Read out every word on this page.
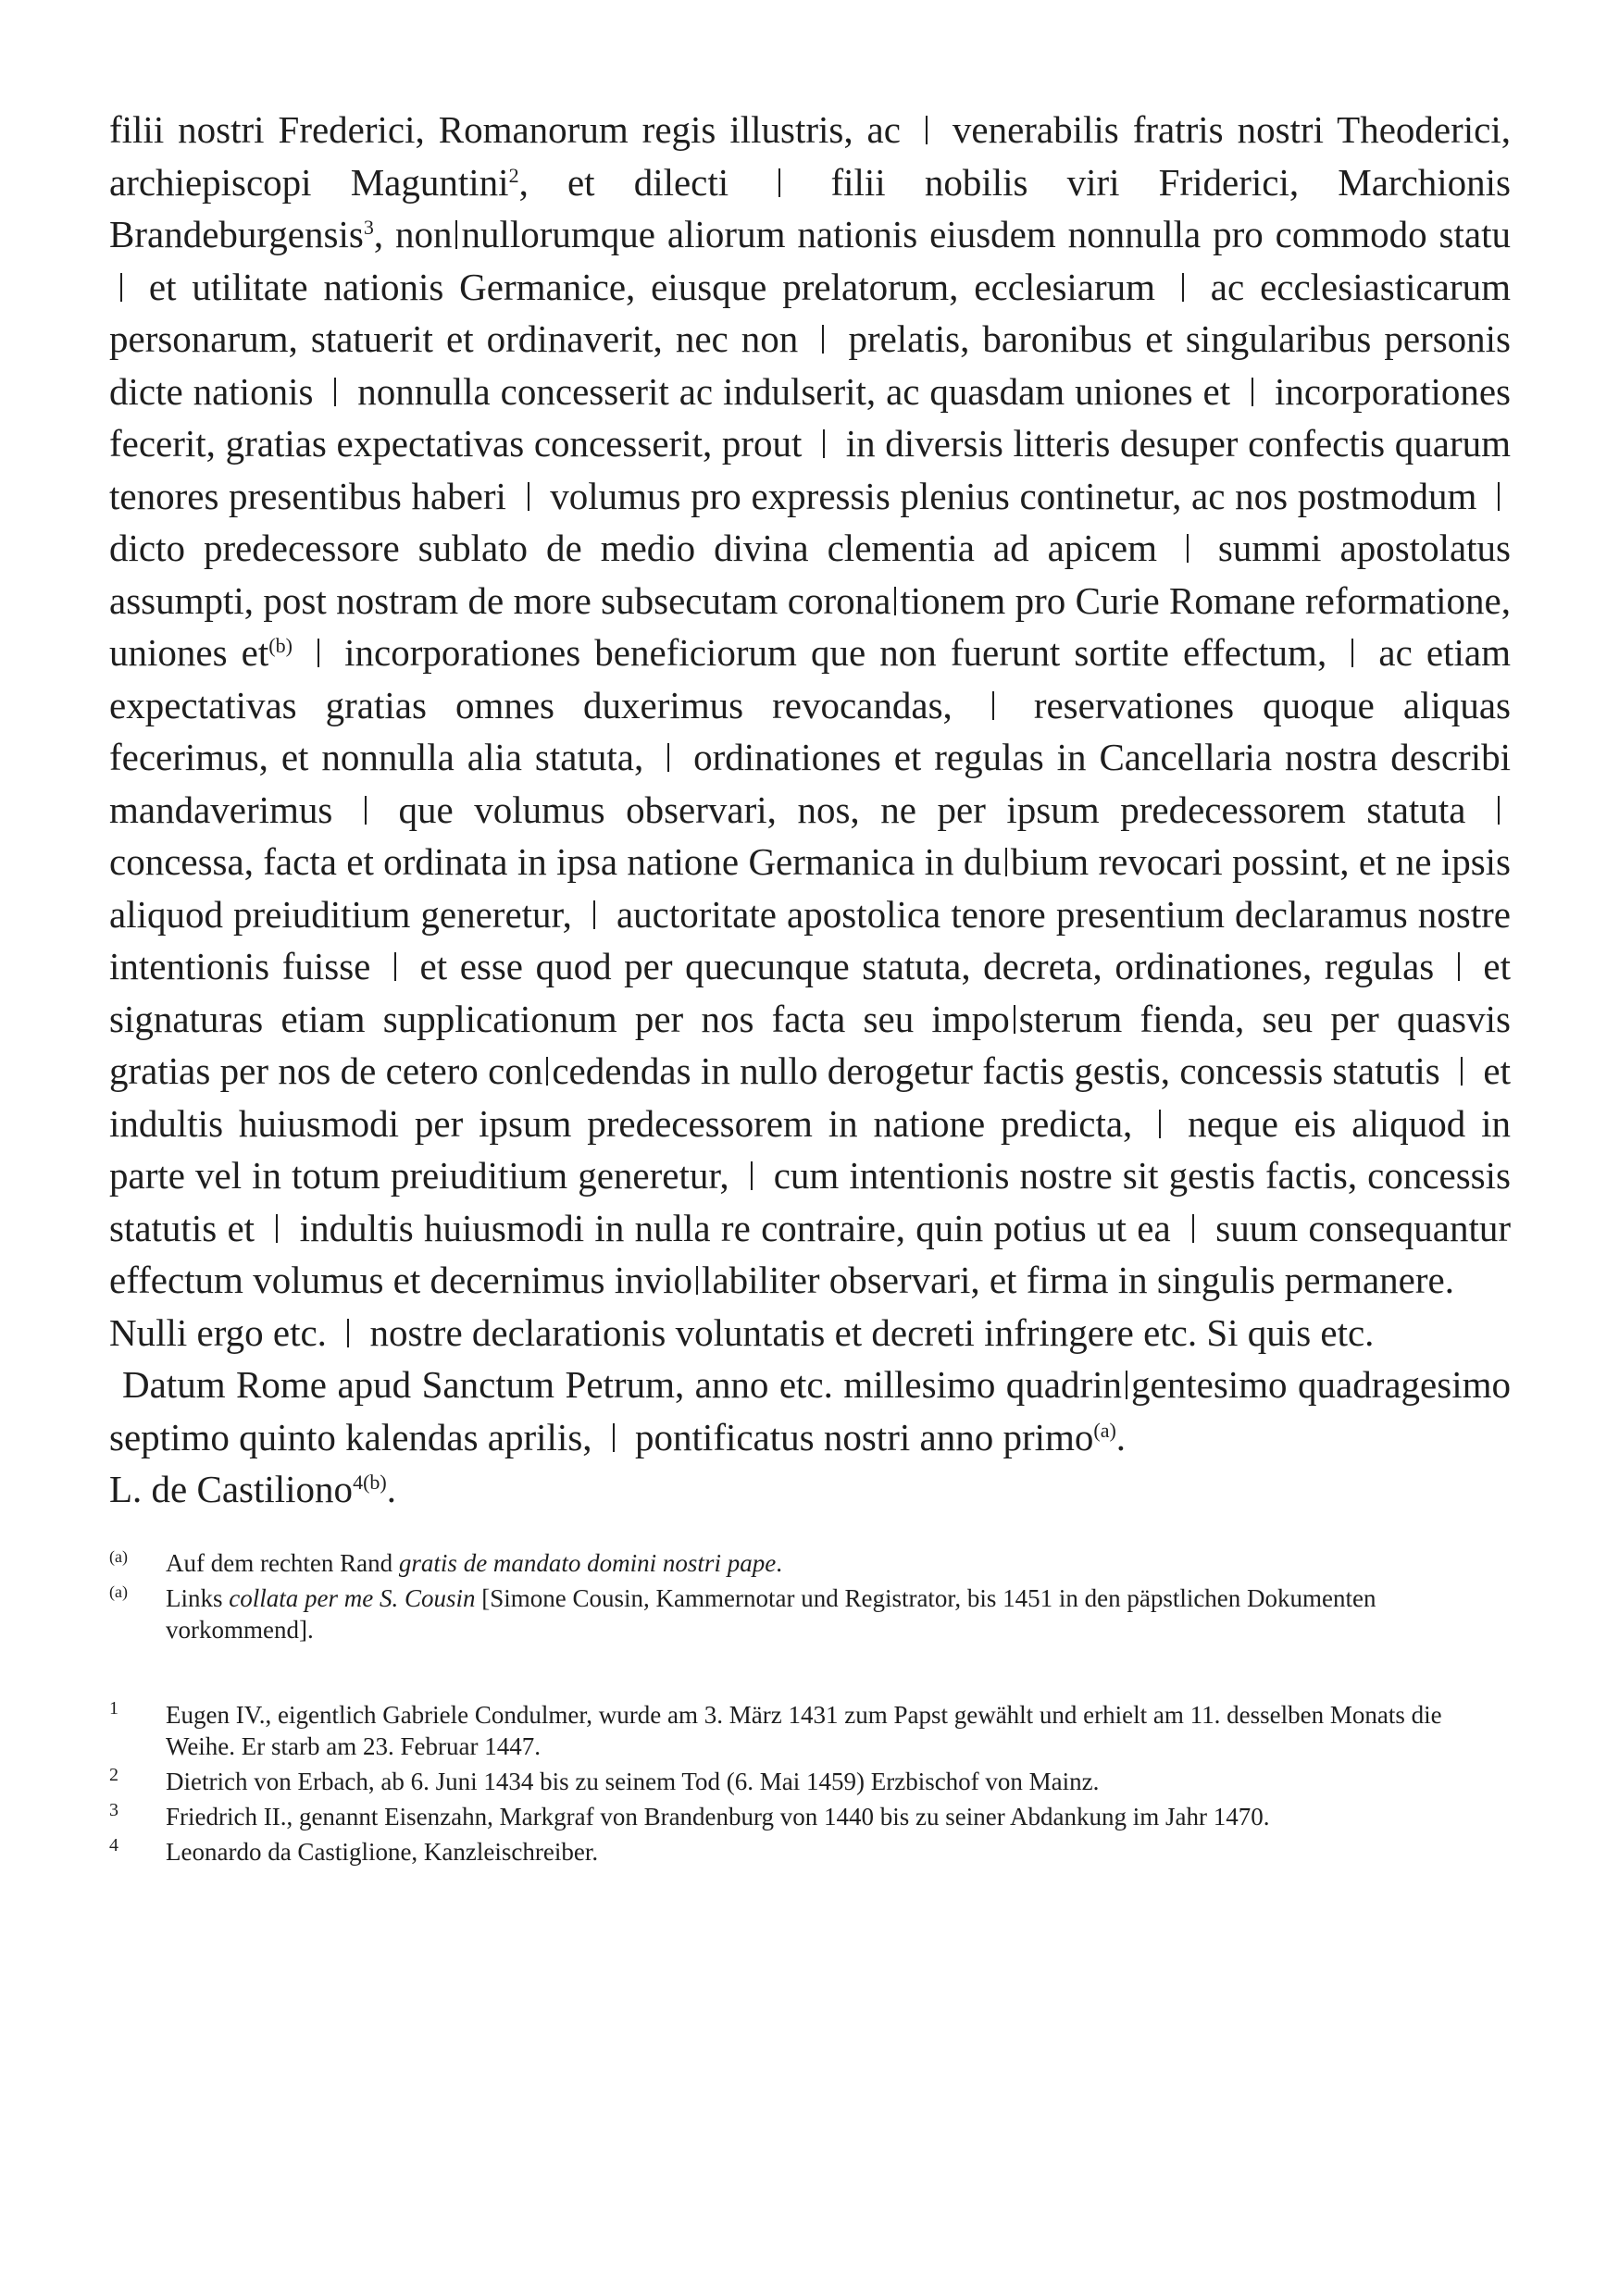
filii nostri Frederici, Romanorum regis illustris, ac  venerabilis fratris nostri Theoderici, archiepiscopi Maguntini$^2$, et dilecti  filii nobilis viri Friderici, Marchionis Brandeburgensis$^3$, non nullorumque aliorum nationis eiusdem nonnulla pro commodo statu  et utilitate nationis Germanice, eiusque prelatorum, ecclesiarum  ac ecclesiasticarum personarum, statuerit et ordinaverit, nec non  prelatis, baronibus et singularibus personis dicte nationis  nonnulla concesserit ac indulserit, ac quasdam uniones et  incorporationes fecerit, gratias expectativas concesserit, prout  in diversis litteris desuper confectis quarum tenores presentibus haberi  volumus pro expressis plenius continetur, ac nos postmodum  dicto predecessore sublato de medio divina clementia ad apicem  summi apostolatus assumpti, post nostram de more subsecutam corona tionem pro Curie Romane reformatione, uniones $et^{(b)}$  incorporationes beneficiorum que non fuerunt sortite effectum,  ac etiam expectativas gratias omnes duxerimus revocandas,  reservationes quoque aliquas fecerimus, et nonnulla alia statuta,  ordinationes et regulas in Cancellaria nostra describi mandaverimus  que volumus observari, nos, ne per ipsum predecessorem statuta  concessa, facta et ordinata in ipsa natione Germanica in du bium revocari possint, et ne ipsis aliquod preiuditium generetur,  auctoritate apostolica tenore presentium declaramus nostre intentionis fuisse  et esse quod per quecunque statuta, decreta, ordinationes, regulas  et signaturas etiam supplicationum per nos facta seu impo sterum fienda, seu per quasvis gratias per nos de cetero con cedendas in nullo derogetur factis gestis, concessis statutis  et indultis huiusmodi per ipsum predecessorem in natione predicta,  neque eis aliquod in parte vel in totum preiuditium generetur,  cum intentionis nostre sit gestis factis, concessis statutis et  indultis huiusmodi in nulla re contraire, quin potius ut ea  suum consequantur effectum volumus et decernimus invio labiliter observari, et firma in singulis permanere.

Nulli ergo etc.  nostre declarationis voluntatis et decreti infringere etc. Si quis etc.

Datum Rome apud Sanctum Petrum, anno etc. millesimo quadrin gentesimo quadragesimo septimo quinto kalendas aprilis,  pontificatus nostri anno primo$^{(a)}$.

L. de Castiliono$^{4(b)}$.

(a)	Auf dem rechten Rand gratis de mandato domini nostri pape.
(a)	Links collata per me S. Cousin [Simone Cousin, Kammernotar und Registrator, bis 1451 in den päpstlichen Dokumenten vorkommend].
1	Eugen IV., eigentlich Gabriele Condulmer, wurde am 3. März 1431 zum Papst gewählt und erhielt am 11. desselben Monats die Weihe. Er starb am 23. Februar 1447.
2	Dietrich von Erbach, ab 6. Juni 1434 bis zu seinem Tod (6. Mai 1459) Erzbischof von Mainz.
3	Friedrich II., genannt Eisenzahn, Markgraf von Brandenburg von 1440 bis zu seiner Abdankung im Jahr 1470.
4	Leonardo da Castiglione, Kanzleischreiber.
